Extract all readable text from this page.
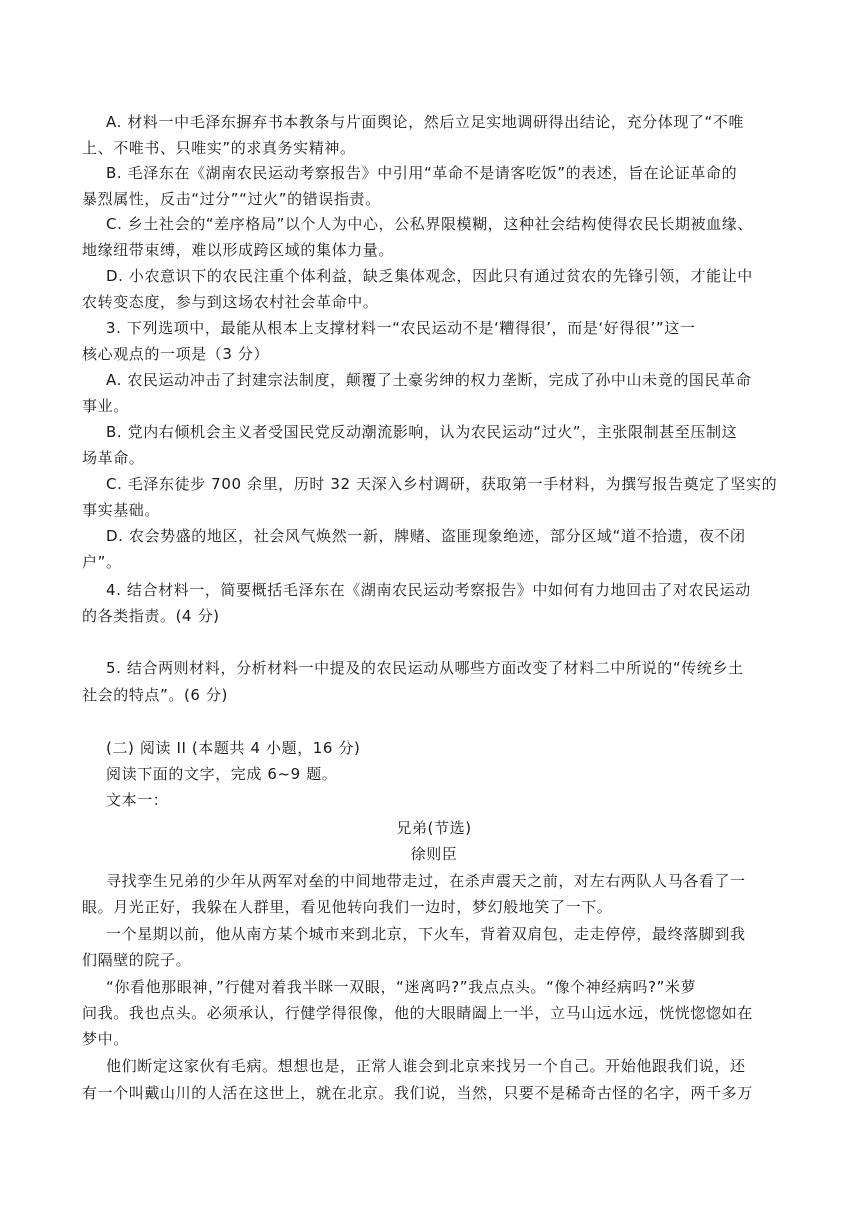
A. 材料一中毛泽东摒弃书本教条与片面舆论，然后立足实地调研得出结论，充分体现了“不唯
上、不唯书、只唯实”的求真务实精神。
B. 毛泽东在《湖南农民运动考察报告》中引用“革命不是请客吃饭”的表述，旨在论证革命的
暴烈属性，反击“过分”“过火”的错误指责。
C. 乡土社会的“差序格局”以个人为中心，公私界限模糊，这种社会结构使得农民长期被血缘、
地缘纽带束缚，难以形成跨区域的集体力量。
D. 小农意识下的农民注重个体利益，缺乏集体观念，因此只有通过贫农的先锋引领，才能让中
农转变态度，参与到这场农村社会革命中。
3. 下列选项中，最能从根本上支撑材料一“农民运动不是‘糟得很’，而是‘好得很’”这一
核心观点的一项是（3 分）
A. 农民运动冲击了封建宗法制度，颠覆了土豪劣绅的权力垄断，完成了孙中山未竟的国民革命
事业。
B. 党内右倾机会主义者受国民党反动潮流影响，认为农民运动“过火”，主张限制甚至压制这
场革命。
C. 毛泽东徒步 700 余里，历时 32 天深入乡村调研，获取第一手材料，为撰写报告奠定了坚实的
事实基础。
D. 农会势盛的地区，社会风气焕然一新，牌赌、盗匪现象绝迹，部分区域“道不拾遗，夜不闭
户”。
4. 结合材料一，简要概括毛泽东在《湖南农民运动考察报告》中如何有力地回击了对农民运动
的各类指责。(4 分)
5. 结合两则材料，分析材料一中提及的农民运动从哪些方面改变了材料二中所说的“传统乡土
社会的特点”。(6 分)
(二) 阅读 II (本题共 4 小题，16 分)
阅读下面的文字，完成 6~9 题。
文本一：
兄弟(节选)
徐则臣
寻找孪生兄弟的少年从两军对垒的中间地带走过，在杀声震天之前，对左右两队人马各看了一
眼。月光正好，我躲在人群里，看见他转向我们一边时，梦幻般地笑了一下。
一个星期以前，他从南方某个城市来到北京，下火车，背着双肩包，走走停停，最终落脚到我
们隔壁的院子。
“你看他那眼神，”行健对着我半眯一双眼，“迷离吗?”我点点头。“像个神经病吗?”米萝
问我。我也点头。必须承认，行健学得很像，他的大眼睛阖上一半，立马山远水远，恍恍惚惚如在
梦中。
他们断定这家伙有毛病。想想也是，正常人谁会到北京来找另一个自己。开始他跟我们说，还
有一个叫戴山川的人活在这世上，就在北京。我们说，当然，只要不是稀奇古怪的名字，两千多万
